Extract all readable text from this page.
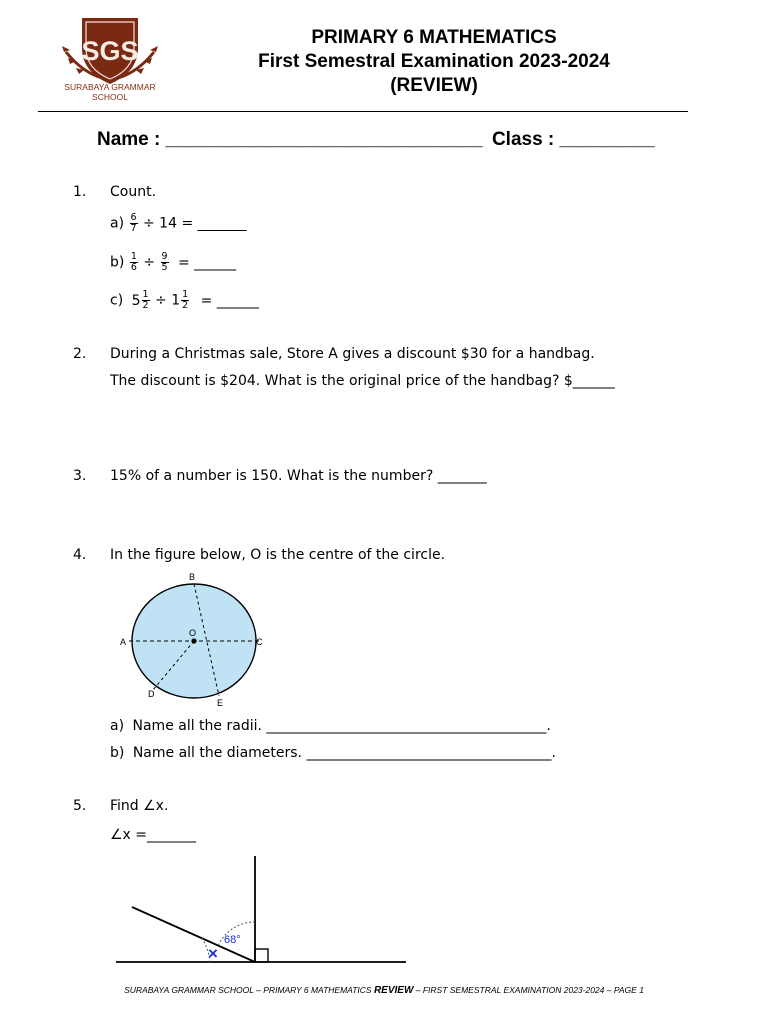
SGS
SURABAYA GRAMMAR
SCHOOL
PRIMARY 6 MATHEMATICS
First Semestral Examination 2023-2024
(REVIEW)
Name : ______________________________ Class : _________
1. Count.
$a) \frac{6}{7} \div 14$ = _______
$b) \frac{1}{6} \div \frac{9}{5}$ = ______
c) $5 \frac{1}{2} \div 1 \frac{1}{2}$ = ______
2. During a Christmas sale, Store A gives a discount $30 for a handbag.
The discount is $204. What is the original price of the handbag? $______
3. 15% of a number is 150. What is the number? _______
4. In the figure below, O is the centre of the circle.
B
A	C
O
D
E
a) Name all the radii. ________________________________________.
b) Name all the diameters. ___________________________________.
5. Find ∠x.
∠x =_______
68°
×
SURABAYA GRAMMAR SCHOOL – PRIMARY 6 MATHEMATICS REVIEW – FIRST SEMESTRAL EXAMINATION 2023-2024 – PAGE 1
